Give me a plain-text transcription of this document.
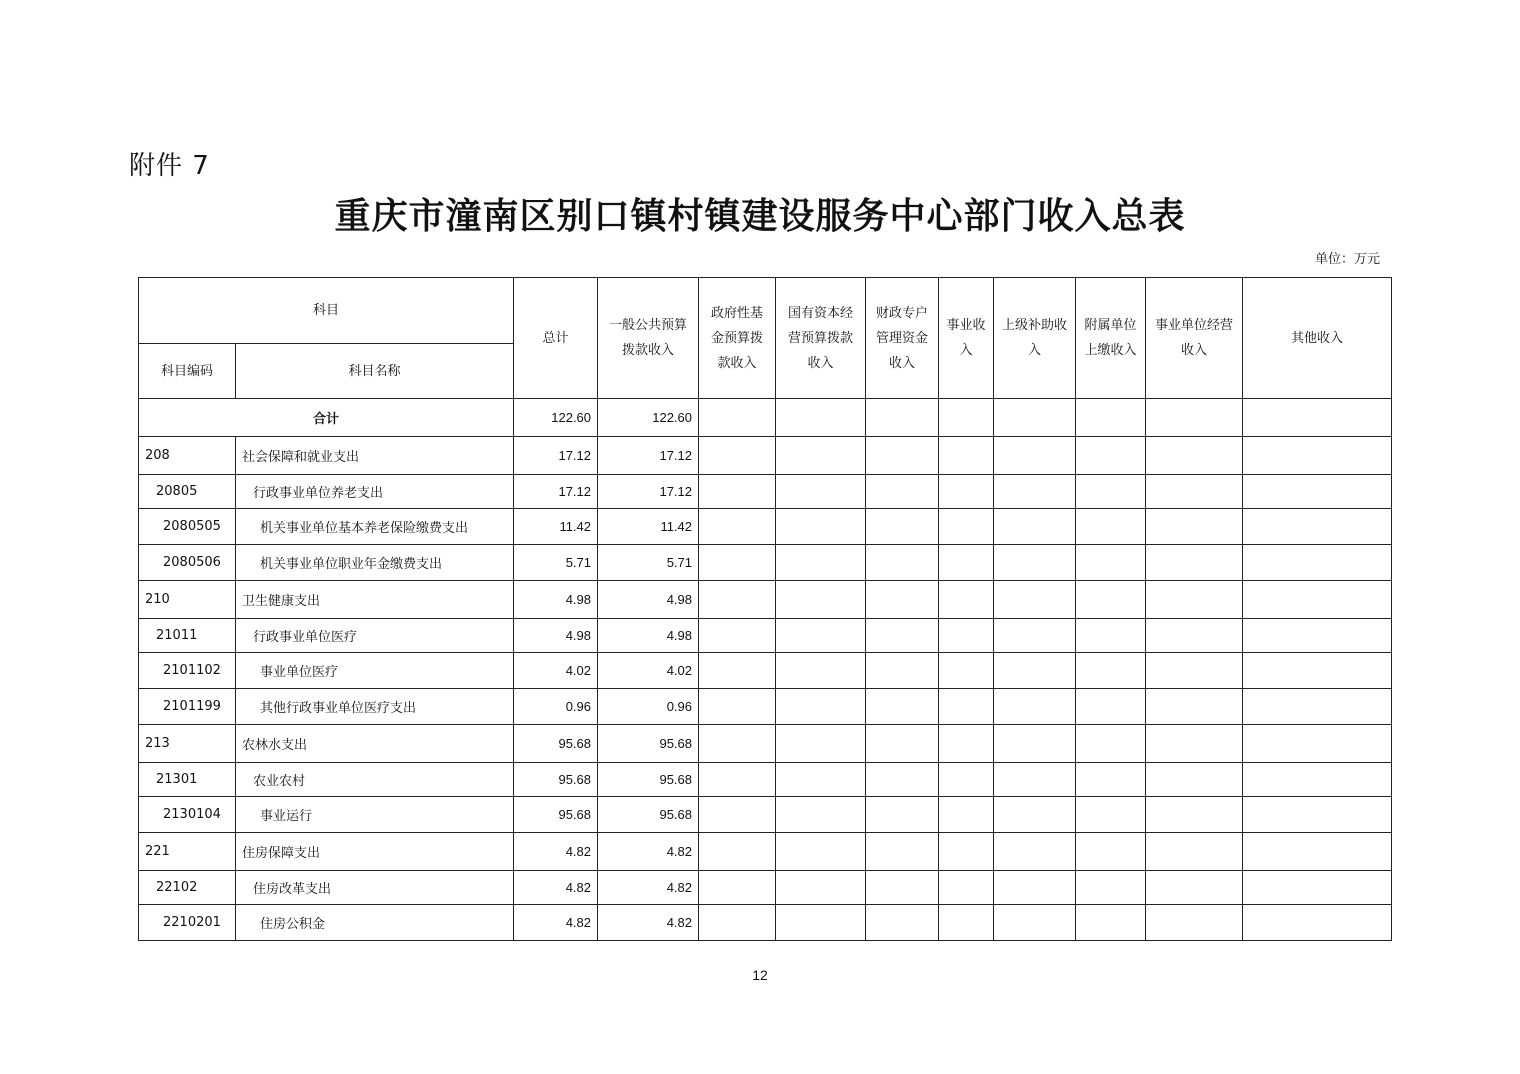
附件 7
重庆市潼南区别口镇村镇建设服务中心部门收入总表
单位：万元
科目		总计	一般公共预算拨款收入	政府性基金预算拨款收入	国有资本经营预算拨款收入	财政专户管理资金收入	事业收入	上级补助收入	附属单位上缴收入	事业单位经营收入	其他收入
科目编码	科目名称										
合计		122.60	122.60								
208	社会保障和就业支出	17.12	17.12								
20805	行政事业单位养老支出	17.12	17.12								
2080505	机关事业单位基本养老保险缴费支出	11.42	11.42								
2080506	机关事业单位职业年金缴费支出	5.71	5.71								
210	卫生健康支出	4.98	4.98								
21011	行政事业单位医疗	4.98	4.98								
2101102	事业单位医疗	4.02	4.02								
2101199	其他行政事业单位医疗支出	0.96	0.96								
213	农林水支出	95.68	95.68								
21301	农业农村	95.68	95.68								
2130104	事业运行	95.68	95.68								
221	住房保障支出	4.82	4.82								
22102	住房改革支出	4.82	4.82								
2210201	住房公积金	4.82	4.82								
12
